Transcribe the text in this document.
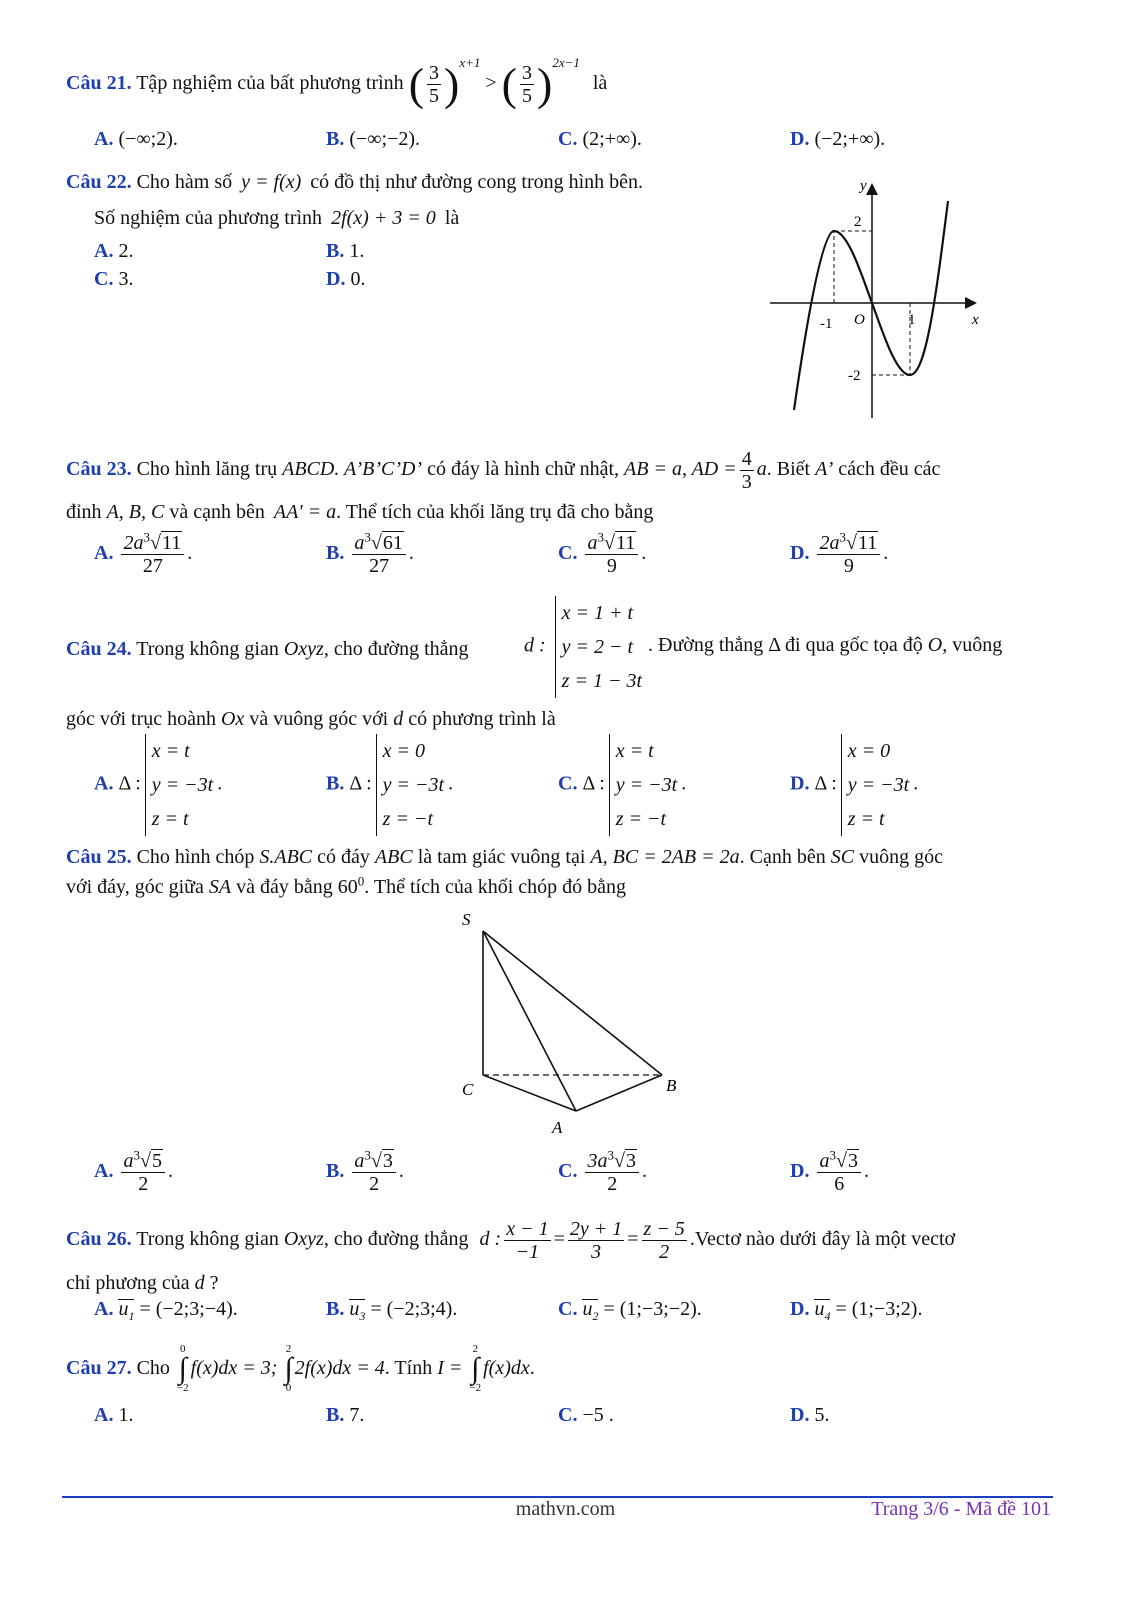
Câu 21. Tập nghiệm của bất phương trình ( $\frac{3}{5} )^{x+1}$ > ( $\frac{3}{5} )^{2x-1}$ là
A. (−∞;2).	B. (−∞;−2).	C. (2;+∞).	D. (−2;+∞).
Câu 22. Cho hàm số y = f(x) có đồ thị như đường cong trong hình bên.
Số nghiệm của phương trình 2f(x) + 3 = 0 là
A. 2.	B. 1.
C. 3.	D. 0.
y
x
O
-1	1
2
-2
Câu 23. Cho hình lăng trụ ABCD. A’B’C’D’ có đáy là hình chữ nhật, AB = a, AD = $\frac{4}{3} a$. Biết A’ cách đều các
đỉnh A, B, C và cạnh bên AA' = a. Thể tích của khối lăng trụ đã cho bằng
A. $\frac{2a^3√11}{27}$ .	B. $\frac{a^3√61}{27}$ .	C. $\frac{a^3√11}{9}$ .	D. $\frac{2a^3√11}{9}$ .
d :
x = 1 + t
y = 2 − t
z = 1 − 3t
Câu 24. Trong không gian Oxyz, cho đường thẳng	. Đường thẳng Δ đi qua gốc tọa độ O, vuông
góc với trục hoành Ox và vuông góc với d có phương trình là
A. Δ :
x = t
y = −3t
z = t
.	B. Δ :
x = 0
y = −3t
z = −t
.	C. Δ :
x = t
y = −3t
z = −t
.	D. Δ :
x = 0
y = −3t
z = t
.
Câu 25. Cho hình chóp S.ABC có đáy ABC là tam giác vuông tại A, BC = 2AB = 2a. Cạnh bên SC vuông góc
với đáy, góc giữa SA và đáy bằng $60^0$. Thể tích của khối chóp đó bằng
S
C	B
A
A. $\frac{a^3√5}{2}$ .	B. $\frac{a^3√3}{2}$ .	C. $\frac{3a^3√3}{2}$ .	D. $\frac{a^3√3}{6}$ .
Câu 26. Trong không gian Oxyz, cho đường thẳng d : $\frac{x - 1}{-1} = \frac{2y + 1}{3} = \frac{z - 5}{2}$ .Vectơ nào dưới đây là một vectơ
chỉ phương của d ?
A. $u_1$ = (−2;3;−4).	B. $u_3$ = (−2;3;4).	C. $u_2$ = (1;−3;−2).	D. $u_4$ = (1;−3;2).
Câu 27. Cho
0
∫
−2
f(x)dx = 3;
2
∫
0
2f(x)dx = 4. Tính I =
2
∫
−2
f(x)dx.
A. 1.	B. 7.	C. −5 .	D. 5.
mathvn.com	Trang 3/6 - Mã đề 101
